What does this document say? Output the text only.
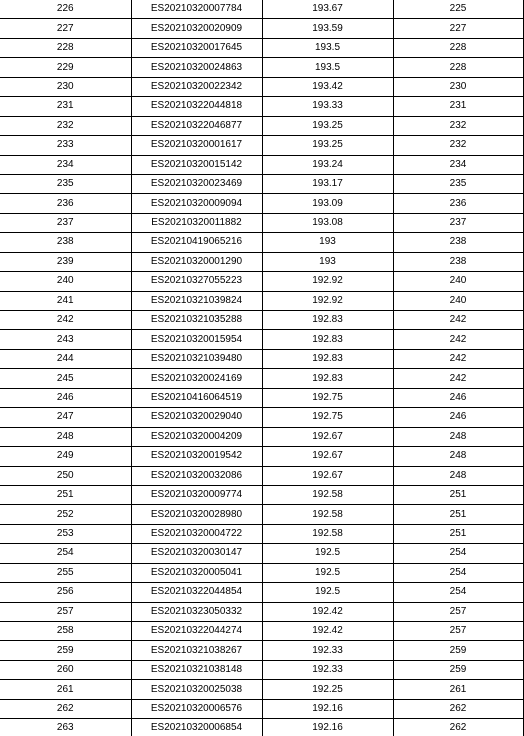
226	ES20210320007784	193.67	225
227	ES20210320020909	193.59	227
228	ES20210320017645	193.5	228
229	ES20210320024863	193.5	228
230	ES20210320022342	193.42	230
231	ES20210322044818	193.33	231
232	ES20210322046877	193.25	232
233	ES20210320001617	193.25	232
234	ES20210320015142	193.24	234
235	ES20210320023469	193.17	235
236	ES20210320009094	193.09	236
237	ES20210320011882	193.08	237
238	ES20210419065216	193	238
239	ES20210320001290	193	238
240	ES20210327055223	192.92	240
241	ES20210321039824	192.92	240
242	ES20210321035288	192.83	242
243	ES20210320015954	192.83	242
244	ES20210321039480	192.83	242
245	ES20210320024169	192.83	242
246	ES20210416064519	192.75	246
247	ES20210320029040	192.75	246
248	ES20210320004209	192.67	248
249	ES20210320019542	192.67	248
250	ES20210320032086	192.67	248
251	ES20210320009774	192.58	251
252	ES20210320028980	192.58	251
253	ES20210320004722	192.58	251
254	ES20210320030147	192.5	254
255	ES20210320005041	192.5	254
256	ES20210322044854	192.5	254
257	ES20210323050332	192.42	257
258	ES20210322044274	192.42	257
259	ES20210321038267	192.33	259
260	ES20210321038148	192.33	259
261	ES20210320025038	192.25	261
262	ES20210320006576	192.16	262
263	ES20210320006854	192.16	262
